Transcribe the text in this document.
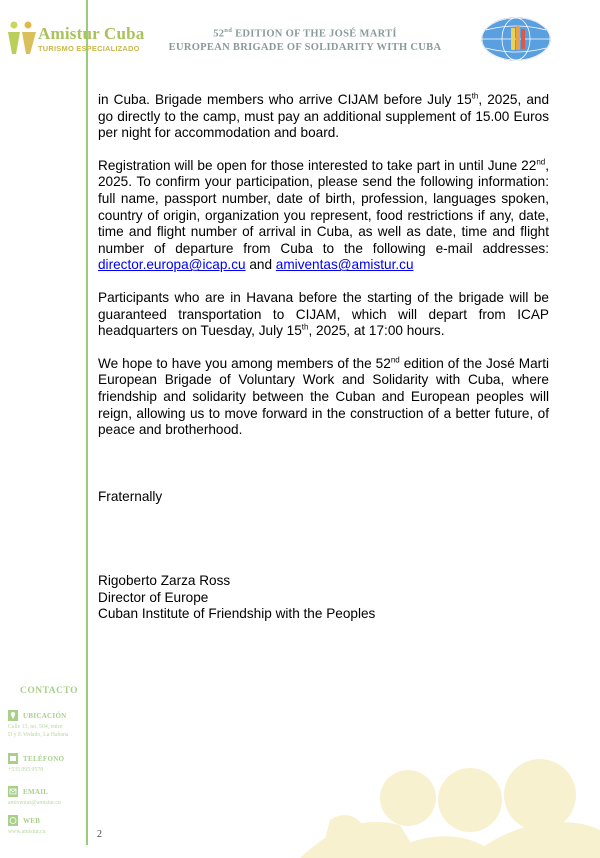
Amistur Cuba
TURISMO ESPECIALIZADO
52nd EDITION OF THE JOSÉ MARTÍ
EUROPEAN BRIGADE OF SOLIDARITY WITH CUBA

in Cuba. Brigade members who arrive CIJAM before July 15th, 2025, and go directly to the camp, must pay an additional supplement of 15.00 Euros per night for accommodation and board.

Registration will be open for those interested to take part in until June 22nd, 2025. To confirm your participation, please send the following information: full name, passport number, date of birth, profession, languages spoken, country of origin, organization you represent, food restrictions if any, date, time and flight number of arrival in Cuba, as well as date, time and flight number of departure from Cuba to the following e-mail addresses: director.europa@icap.cu and amiventas@amistur.cu

Participants who are in Havana before the starting of the brigade will be guaranteed transportation to CIJAM, which will depart from ICAP headquarters on Tuesday, July 15th, 2025, at 17:00 hours.

We hope to have you among members of the 52nd edition of the José Marti European Brigade of Voluntary Work and Solidarity with Cuba, where friendship and solidarity between the Cuban and European peoples will reign, allowing us to move forward in the construction of a better future, of peace and brotherhood.

Fraternally
Rigoberto Zarza Ross
Director of Europe
Cuban Institute of Friendship with the Peoples
CONTACTO
UBICACIÓN
Calle 13, no. 504, entre
D y E Vedado, La Habana
TELÉFONO
+535 095 9578
EMAIL
amiventas@amistur.cu
WEB
www.amistur.cu	2
